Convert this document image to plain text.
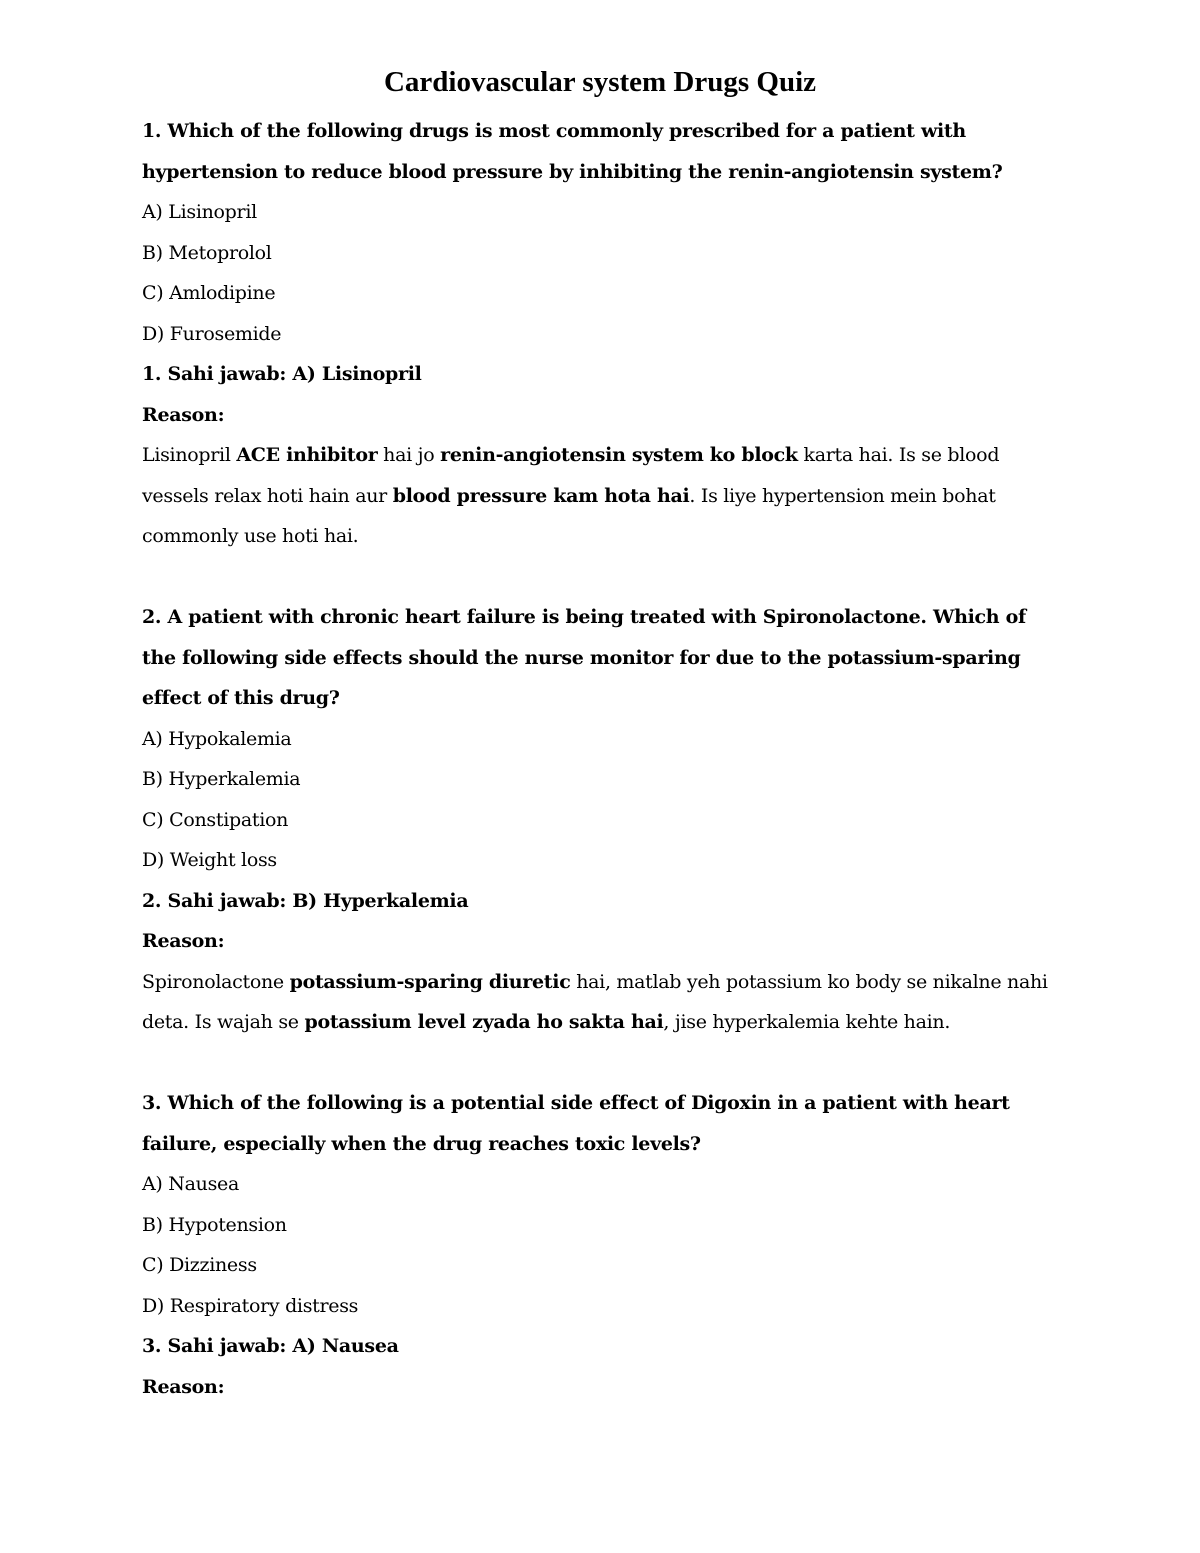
Cardiovascular system Drugs Quiz

1. Which of the following drugs is most commonly prescribed for a patient with hypertension to reduce blood pressure by inhibiting the renin-angiotensin system?

A) Lisinopril

B) Metoprolol

C) Amlodipine

D) Furosemide

1. Sahi jawab: A) Lisinopril

Reason:

Lisinopril ACE inhibitor hai jo renin-angiotensin system ko block karta hai. Is se blood vessels relax hoti hain aur blood pressure kam hota hai. Is liye hypertension mein bohat commonly use hoti hai.

2. A patient with chronic heart failure is being treated with Spironolactone. Which of the following side effects should the nurse monitor for due to the potassium-sparing effect of this drug?

A) Hypokalemia

B) Hyperkalemia

C) Constipation

D) Weight loss

2. Sahi jawab: B) Hyperkalemia

Reason:

Spironolactone potassium-sparing diuretic hai, matlab yeh potassium ko body se nikalne nahi deta. Is wajah se potassium level zyada ho sakta hai, jise hyperkalemia kehte hain.

3. Which of the following is a potential side effect of Digoxin in a patient with heart failure, especially when the drug reaches toxic levels?

A) Nausea

B) Hypotension

C) Dizziness

D) Respiratory distress

3. Sahi jawab: A) Nausea

Reason:
